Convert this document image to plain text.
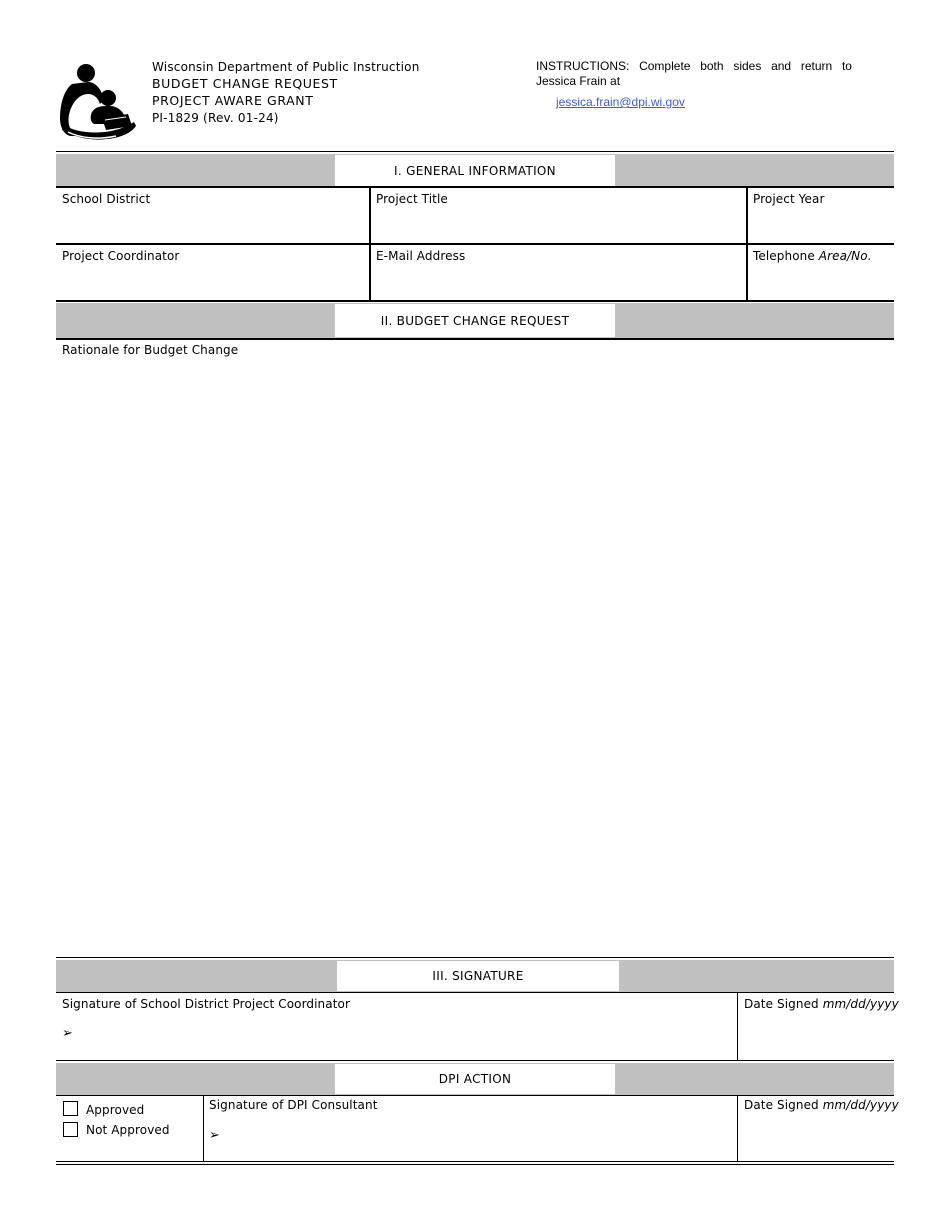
Wisconsin Department of Public Instruction
BUDGET CHANGE REQUEST
PROJECT AWARE GRANT
PI-1829 (Rev. 01-24)
INSTRUCTIONS: Complete both sides and return to
Jessica Frain at
jessica.frain@dpi.wi.gov
I. GENERAL INFORMATION
School District	Project Title	Project Year
Project Coordinator	E-Mail Address	Telephone Area/No.
II. BUDGET CHANGE REQUEST
Rationale for Budget Change
III. SIGNATURE
Signature of School District Project Coordinator
➢
Date Signed mm/dd/yyyy
DPI ACTION
Approved
Not Approved
Signature of DPI Consultant
➢
Date Signed mm/dd/yyyy
